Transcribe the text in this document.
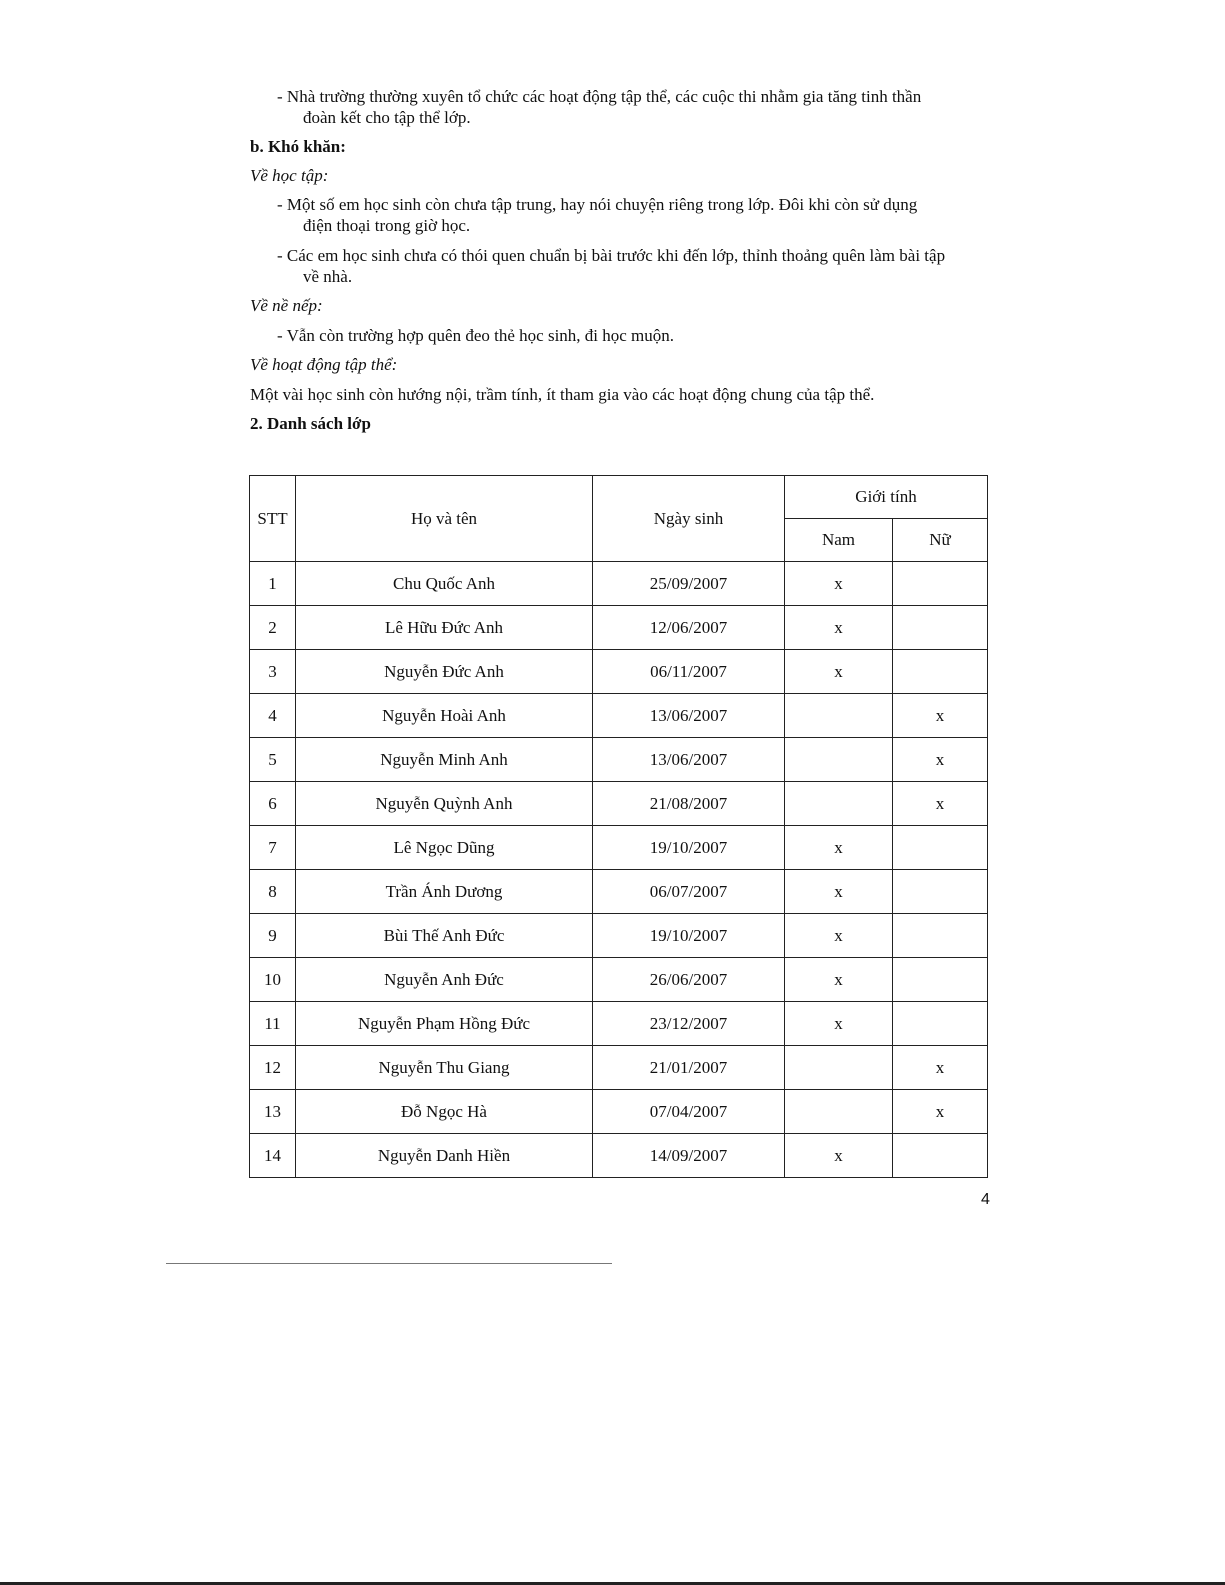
- Nhà trường thường xuyên tổ chức các hoạt động tập thể, các cuộc thi nhằm gia tăng tinh thần
đoàn kết cho tập thể lớp.

b. Khó khăn:

Về học tập:

- Một số em học sinh còn chưa tập trung, hay nói chuyện riêng trong lớp. Đôi khi còn sử dụng
điện thoại trong giờ học.

- Các em học sinh chưa có thói quen chuẩn bị bài trước khi đến lớp, thỉnh thoảng quên làm bài tập
về nhà.

Về nề nếp:

- Vẫn còn trường hợp quên đeo thẻ học sinh, đi học muộn.

Về hoạt động tập thể:

Một vài học sinh còn hướng nội, trầm tính, ít tham gia vào các hoạt động chung của tập thể.

2. Danh sách lớp

STT	Họ và tên	Ngày sinh	Giới tính	
			Nam	Nữ
1	Chu Quốc Anh	25/09/2007	x	
2	Lê Hữu Đức Anh	12/06/2007	x	
3	Nguyễn Đức Anh	06/11/2007	x	
4	Nguyễn Hoài Anh	13/06/2007		x
5	Nguyễn Minh Anh	13/06/2007		x
6	Nguyễn Quỳnh Anh	21/08/2007		x
7	Lê Ngọc Dũng	19/10/2007	x	
8	Trần Ánh Dương	06/07/2007	x	
9	Bùi Thế Anh Đức	19/10/2007	x	
10	Nguyễn Anh Đức	26/06/2007	x	
11	Nguyễn Phạm Hồng Đức	23/12/2007	x	
12	Nguyễn Thu Giang	21/01/2007		x
13	Đỗ Ngọc Hà	07/04/2007		x
14	Nguyễn Danh Hiền	14/09/2007	x	
4
